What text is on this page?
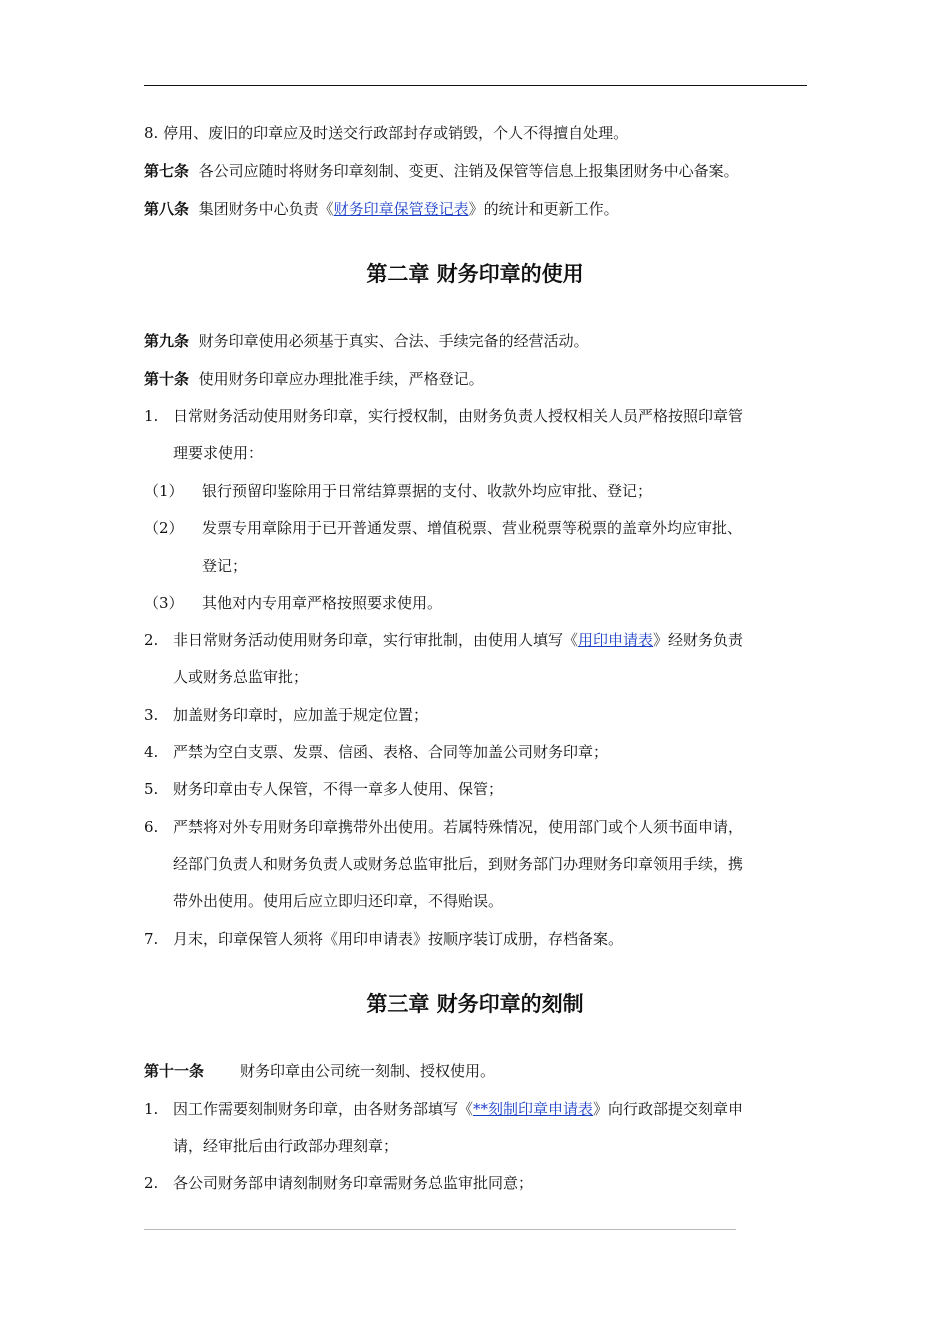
8. 停用、废旧的印章应及时送交行政部封存或销毁，个人不得擅自处理。
第七条 各公司应随时将财务印章刻制、变更、注销及保管等信息上报集团财务中心备案。
第八条 集团财务中心负责《财务印章保管登记表》的统计和更新工作。
第二章 财务印章的使用
第九条 财务印章使用必须基于真实、合法、手续完备的经营活动。
第十条 使用财务印章应办理批准手续，严格登记。
1. 日常财务活动使用财务印章，实行授权制，由财务负责人授权相关人员严格按照印章管
理要求使用：
（1） 银行预留印鉴除用于日常结算票据的支付、收款外均应审批、登记；
（2） 发票专用章除用于已开普通发票、增值税票、营业税票等税票的盖章外均应审批、
登记；
（3） 其他对内专用章严格按照要求使用。
2. 非日常财务活动使用财务印章，实行审批制，由使用人填写《用印申请表》经财务负责
人或财务总监审批；
3. 加盖财务印章时，应加盖于规定位置；
4. 严禁为空白支票、发票、信函、表格、合同等加盖公司财务印章；
5. 财务印章由专人保管，不得一章多人使用、保管；
6. 严禁将对外专用财务印章携带外出使用。若属特殊情况，使用部门或个人须书面申请，
经部门负责人和财务负责人或财务总监审批后，到财务部门办理财务印章领用手续，携
带外出使用。使用后应立即归还印章，不得贻误。
7. 月末，印章保管人须将《用印申请表》按顺序装订成册，存档备案。
第三章 财务印章的刻制
第十一条 财务印章由公司统一刻制、授权使用。
1. 因工作需要刻制财务印章，由各财务部填写《**刻制印章申请表》向行政部提交刻章申
请，经审批后由行政部办理刻章；
2. 各公司财务部申请刻制财务印章需财务总监审批同意；
